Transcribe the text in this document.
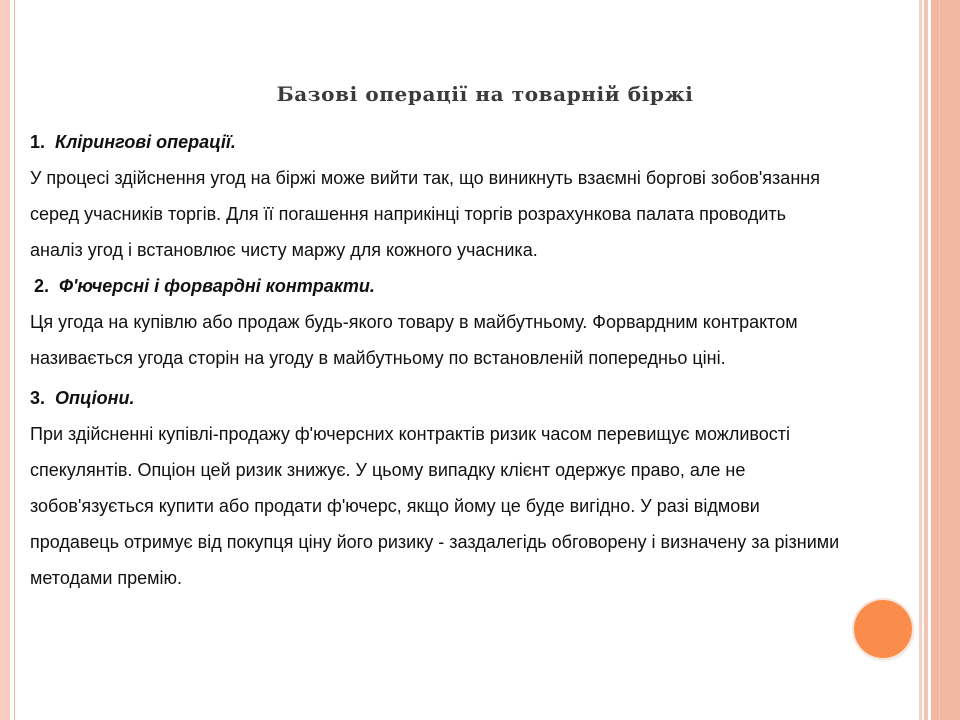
Базові операції на товарній біржі

1. Клірингові операції.

У процесі здійснення угод на біржі може вийти так, що виникнуть взаємні боргові зобов'язання

серед учасників торгів. Для її погашення наприкінці торгів розрахункова палата проводить

аналіз угод і встановлює чисту маржу для кожного учасника.

2. Ф'ючерсні і форвардні контракти.

Ця угода на купівлю або продаж будь-якого товару в майбутньому. Форвардним контрактом

називається угода сторін на угоду в майбутньому по встановленій попередньо ціні.

3. Опціони.

При здійсненні купівлі-продажу ф'ючерсних контрактів ризик часом перевищує можливості

спекулянтів. Опціон цей ризик знижує. У цьому випадку клієнт одержує право, але не

зобов'язується купити або продати ф'ючерс, якщо йому це буде вигідно. У разі відмови

продавець отримує від покупця ціну його ризику - заздалегідь обговорену і визначену за різними

методами премію.
